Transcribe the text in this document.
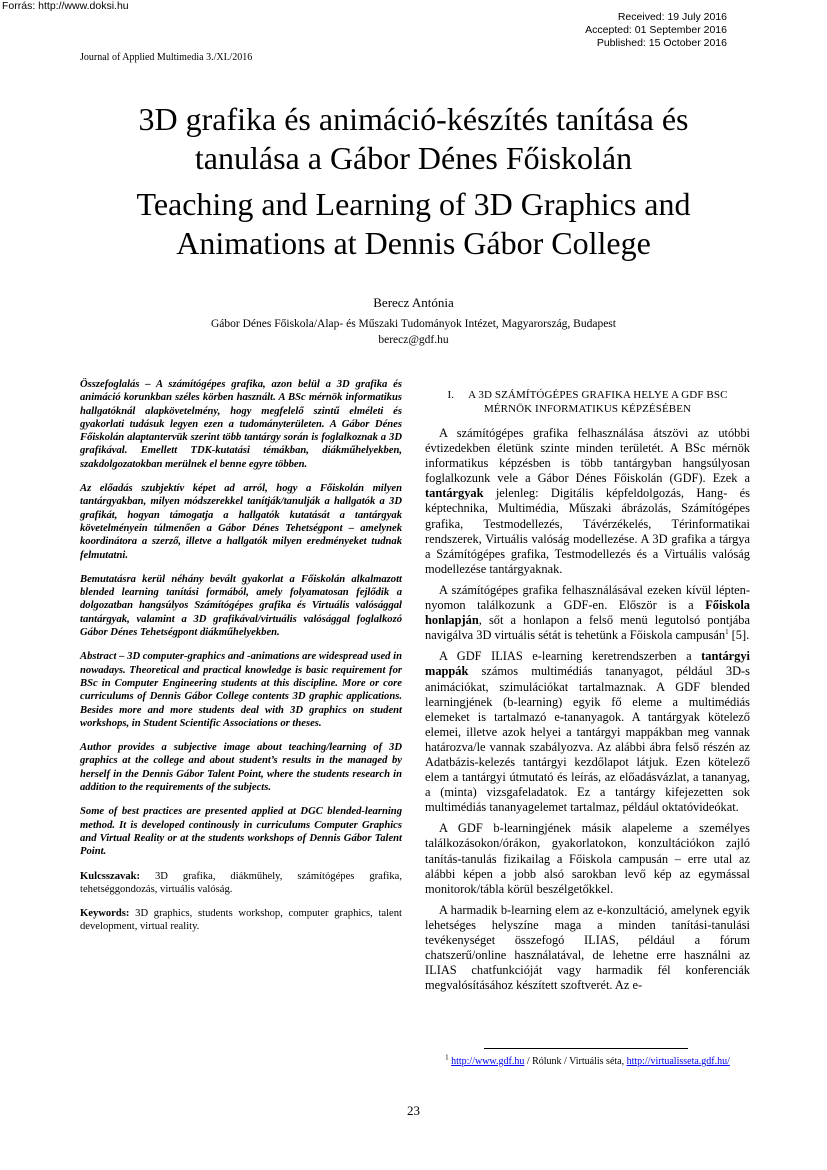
Forrás: http://www.doksi.hu
Received: 19 July 2016
Accepted: 01 September 2016
Published: 15 October 2016
Journal of Applied Multimedia 3./XI./2016
3D grafika és animáció-készítés tanítása és
tanulása a Gábor Dénes Főiskolán
Teaching and Learning of 3D Graphics and
Animations at Dennis Gábor College
Berecz Antónia
Gábor Dénes Főiskola/Alap- és Műszaki Tudományok Intézet, Magyarország, Budapest
berecz@gdf.hu

Összefoglalás – A számítógépes grafika, azon belül a 3D grafika és animáció korunkban széles körben használt. A BSc mérnök informatikus hallgatóknál alapkövetelmény, hogy megfelelő szintű elméleti és gyakorlati tudásuk legyen ezen a tudományterületen. A Gábor Dénes Főiskolán alaptantervük szerint több tantárgy során is foglalkoznak a 3D grafikával. Emellett TDK-kutatási témákban, diákműhelyekben, szakdolgozatokban merülnek el benne egyre többen.

Az előadás szubjektív képet ad arról, hogy a Főiskolán milyen tantárgyakban, milyen módszerekkel tanítják/tanulják a hallgatók a 3D grafikát, hogyan támogatja a hallgatók kutatását a tantárgyak követelményein túlmenően a Gábor Dénes Tehetségpont – amelynek koordinátora a szerző, illetve a hallgatók milyen eredményeket tudnak felmutatni.

Bemutatásra kerül néhány bevált gyakorlat a Főiskolán alkalmazott blended learning tanítási formából, amely folyamatosan fejlődik a dolgozatban hangsúlyos Számítógépes grafika és Virtuális valósággal tantárgyak, valamint a 3D grafikával/virtuális valósággal foglalkozó Gábor Dénes Tehetségpont diákműhelyekben.

Abstract – 3D computer-graphics and -animations are widespread used in nowadays. Theoretical and practical knowledge is basic requirement for BSc in Computer Engineering students at this discipline. More or core curriculums of Dennis Gábor College contents 3D graphic applications. Besides more and more students deal with 3D graphics on student workshops, in Student Scientific Associations or theses.

Author provides a subjective image about teaching/learning of 3D graphics at the college and about student’s results in the managed by herself in the Dennis Gábor Talent Point, where the students research in addition to the requirements of the subjects.

Some of best practices are presented applied at DGC blended-learning method. It is developed continously in curriculums Computer Graphics and Virtual Reality or at the students workshops of Dennis Gábor Talent Point.

Kulcsszavak: 3D grafika, diákműhely, számítógépes grafika, tehetséggondozás, virtuális valóság.

Keywords: 3D graphics, students workshop, computer graphics, talent development, virtual reality.

I. A 3D SZÁMÍTÓGÉPES GRAFIKA HELYE A GDF BSC
MÉRNÖK INFORMATIKUS KÉPZÉSÉBEN

A számítógépes grafika felhasználása átszövi az utóbbi évtizedekben életünk szinte minden területét. A BSc mérnök informatikus képzésben is több tantárgyban hangsúlyosan foglalkozunk vele a Gábor Dénes Főiskolán (GDF). Ezek a tantárgyak jelenleg: Digitális képfeldolgozás, Hang- és képtechnika, Multimédia, Műszaki ábrázolás, Számítógépes grafika, Testmodellezés, Távérzékelés, Térinformatikai rendszerek, Virtuális valóság modellezése. A 3D grafika a tárgya a Számítógépes grafika, Testmodellezés és a Virtuális valóság modellezése tantárgyaknak.

A számítógépes grafika felhasználásával ezeken kívül lépten-nyomon találkozunk a GDF-en. Először is a Főiskola honlapján, sőt a honlapon a felső menü legutolsó pontjába navigálva 3D virtuális sétát is tehetünk a Főiskola campusán$^1$ [5].

A GDF ILIAS e-learning keretrendszerben a tantárgyi mappák számos multimédiás tananyagot, például 3D-s animációkat, szimulációkat tartalmaznak. A GDF blended learningjének (b-learning) egyik fő eleme a multimédiás elemeket is tartalmazó e-tananyagok. A tantárgyak kötelező elemei, illetve azok helyei a tantárgyi mappákban meg vannak határozva/le vannak szabályozva. Az alábbi ábra felső részén az Adatbázis-kelezés tantárgyi kezdőlapot látjuk. Ezen kötelező elem a tantárgyi útmutató és leírás, az előadásvázlat, a tananyag, a (minta) vizsgafeladatok. Ez a tantárgy kifejezetten sok multimédiás tananyagelemet tartalmaz, például oktatóvideókat.

A GDF b-learningjének másik alapeleme a személyes találkozásokon/órákon, gyakorlatokon, konzultációkon zajló tanítás-tanulás fizikailag a Főiskola campusán – erre utal az alábbi képen a jobb alsó sarokban levő kép az egymással monitorok/tábla körül beszélgetőkkel.

A harmadik b-learning elem az e-konzultáció, amelynek egyik lehetséges helyszíne maga a minden tanítási-tanulási tevékenységet összefogó ILIAS, például a fórum chatszerű/online használatával, de lehetne erre használni az ILIAS chatfunkcióját vagy harmadik fél konferenciák megvalósításához készített szoftverét. Az e-

$^1$ http://www.gdf.hu / Rólunk / Virtuális séta, http://virtualisseta.gdf.hu/
23
